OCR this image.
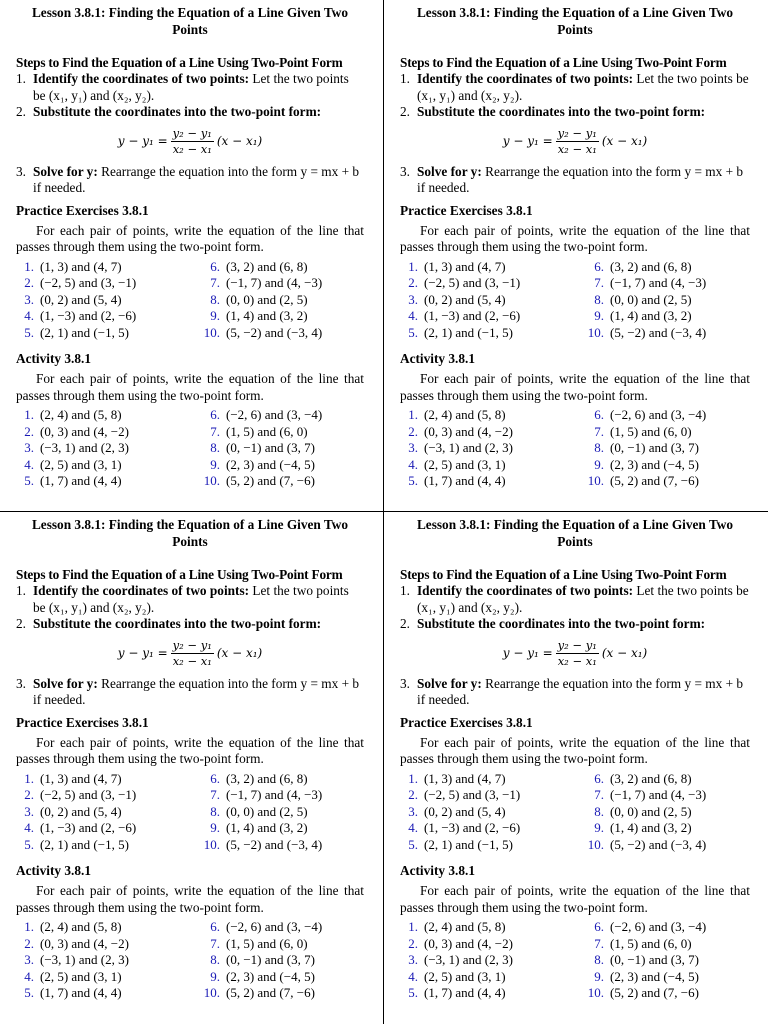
Lesson 3.8.1: Finding the Equation of a Line Given Two Points

Steps to Find the Equation of a Line Using Two-Point Form

1. Identify the coordinates of two points: Let the two points be (x₁, y₁) and (x₂, y₂).
2. Substitute the coordinates into the two-point form:
$y - y_1 = \frac{\text{y₂ − y₁}}{\text{x₂ − x₁}} (x - x_1)$
3. Solve for y: Rearrange the equation into the form y = mx + b if needed.

Practice Exercises 3.8.1

For each pair of points, write the equation of the line that passes through them using the two-point form.

1. (1, 3) and (4, 7)
2. (−2, 5) and (3, −1)
3. (0, 2) and (5, 4)
4. (1, −3) and (2, −6)
5. (2, 1) and (−1, 5)
6. (3, 2) and (6, 8)
7. (−1, 7) and (4, −3)
8. (0, 0) and (2, 5)
9. (1, 4) and (3, 2)
10. (5, −2) and (−3, 4)

Activity 3.8.1

For each pair of points, write the equation of the line that passes through them using the two-point form.

1. (2, 4) and (5, 8)
2. (0, 3) and (4, −2)
3. (−3, 1) and (2, 3)
4. (2, 5) and (3, 1)
5. (1, 7) and (4, 4)
6. (−2, 6) and (3, −4)
7. (1, 5) and (6, 0)
8. (0, −1) and (3, 7)
9. (2, 3) and (−4, 5)
10. (5, 2) and (7, −6)

Lesson 3.8.1: Finding the Equation of a Line Given Two Points

Steps to Find the Equation of a Line Using Two-Point Form

1. Identify the coordinates of two points: Let the two points be (x₁, y₁) and (x₂, y₂).
2. Substitute the coordinates into the two-point form:
$y - y_1 = \frac{\text{y₂ − y₁}}{\text{x₂ − x₁}} (x - x_1)$
3. Solve for y: Rearrange the equation into the form y = mx + b if needed.

Practice Exercises 3.8.1

For each pair of points, write the equation of the line that passes through them using the two-point form.

1. (1, 3) and (4, 7)
2. (−2, 5) and (3, −1)
3. (0, 2) and (5, 4)
4. (1, −3) and (2, −6)
5. (2, 1) and (−1, 5)
6. (3, 2) and (6, 8)
7. (−1, 7) and (4, −3)
8. (0, 0) and (2, 5)
9. (1, 4) and (3, 2)
10. (5, −2) and (−3, 4)

Activity 3.8.1

For each pair of points, write the equation of the line that passes through them using the two-point form.

1. (2, 4) and (5, 8)
2. (0, 3) and (4, −2)
3. (−3, 1) and (2, 3)
4. (2, 5) and (3, 1)
5. (1, 7) and (4, 4)
6. (−2, 6) and (3, −4)
7. (1, 5) and (6, 0)
8. (0, −1) and (3, 7)
9. (2, 3) and (−4, 5)
10. (5, 2) and (7, −6)

Lesson 3.8.1: Finding the Equation of a Line Given Two Points

Steps to Find the Equation of a Line Using Two-Point Form

1. Identify the coordinates of two points: Let the two points be (x₁, y₁) and (x₂, y₂).
2. Substitute the coordinates into the two-point form:
$y - y_1 = \frac{\text{y₂ − y₁}}{\text{x₂ − x₁}} (x - x_1)$
3. Solve for y: Rearrange the equation into the form y = mx + b if needed.

Practice Exercises 3.8.1

For each pair of points, write the equation of the line that passes through them using the two-point form.

1. (1, 3) and (4, 7)
2. (−2, 5) and (3, −1)
3. (0, 2) and (5, 4)
4. (1, −3) and (2, −6)
5. (2, 1) and (−1, 5)
6. (3, 2) and (6, 8)
7. (−1, 7) and (4, −3)
8. (0, 0) and (2, 5)
9. (1, 4) and (3, 2)
10. (5, −2) and (−3, 4)

Activity 3.8.1

For each pair of points, write the equation of the line that passes through them using the two-point form.

1. (2, 4) and (5, 8)
2. (0, 3) and (4, −2)
3. (−3, 1) and (2, 3)
4. (2, 5) and (3, 1)
5. (1, 7) and (4, 4)
6. (−2, 6) and (3, −4)
7. (1, 5) and (6, 0)
8. (0, −1) and (3, 7)
9. (2, 3) and (−4, 5)
10. (5, 2) and (7, −6)

Lesson 3.8.1: Finding the Equation of a Line Given Two Points

Steps to Find the Equation of a Line Using Two-Point Form

1. Identify the coordinates of two points: Let the two points be (x₁, y₁) and (x₂, y₂).
2. Substitute the coordinates into the two-point form:
$y - y_1 = \frac{\text{y₂ − y₁}}{\text{x₂ − x₁}} (x - x_1)$
3. Solve for y: Rearrange the equation into the form y = mx + b if needed.

Practice Exercises 3.8.1

For each pair of points, write the equation of the line that passes through them using the two-point form.

1. (1, 3) and (4, 7)
2. (−2, 5) and (3, −1)
3. (0, 2) and (5, 4)
4. (1, −3) and (2, −6)
5. (2, 1) and (−1, 5)
6. (3, 2) and (6, 8)
7. (−1, 7) and (4, −3)
8. (0, 0) and (2, 5)
9. (1, 4) and (3, 2)
10. (5, −2) and (−3, 4)

Activity 3.8.1

For each pair of points, write the equation of the line that passes through them using the two-point form.

1. (2, 4) and (5, 8)
2. (0, 3) and (4, −2)
3. (−3, 1) and (2, 3)
4. (2, 5) and (3, 1)
5. (1, 7) and (4, 4)
6. (−2, 6) and (3, −4)
7. (1, 5) and (6, 0)
8. (0, −1) and (3, 7)
9. (2, 3) and (−4, 5)
10. (5, 2) and (7, −6)
